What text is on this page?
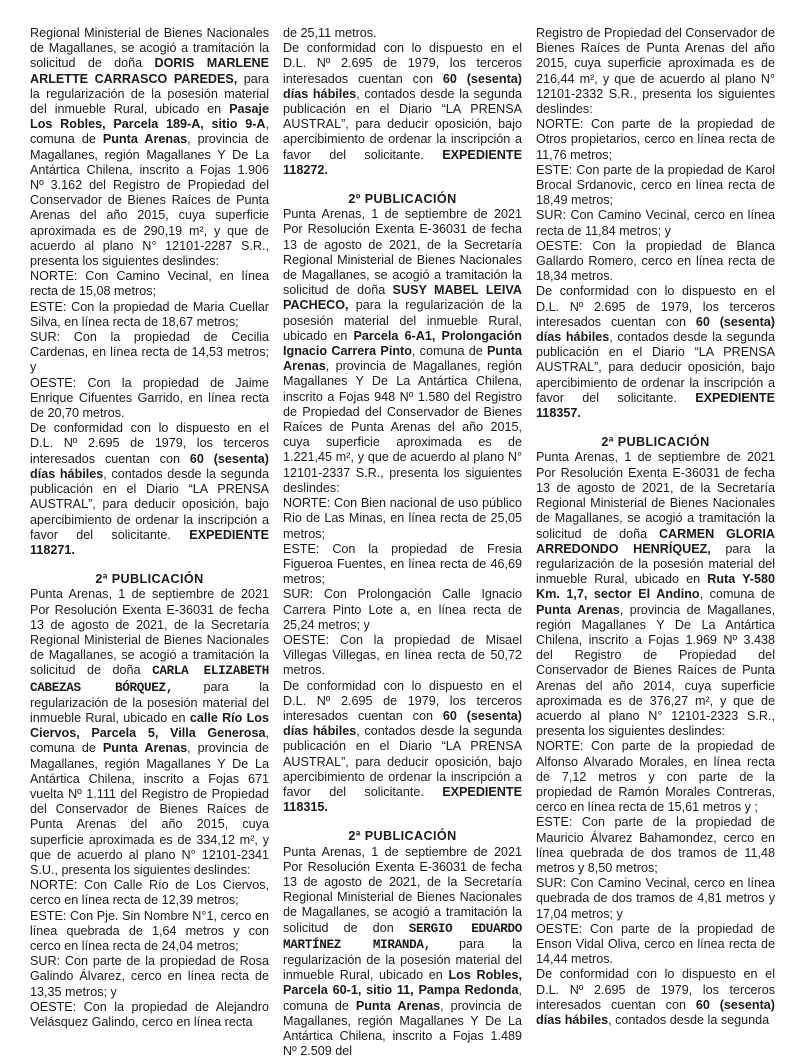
Regional Ministerial de Bienes Nacionales de Magallanes, se acogió a tramitación la solicitud de doña DORIS MARLENE ARLETTE CARRASCO PAREDES, para la regularización de la posesión material del inmueble Rural, ubicado en Pasaje Los Robles, Parcela 189-A, sitio 9-A, comuna de Punta Arenas, provincia de Magallanes, región Magallanes Y De La Antártica Chilena, inscrito a Fojas 1.906 Nº 3.162 del Registro de Propiedad del Conservador de Bienes Raíces de Punta Arenas del año 2015, cuya superficie aproximada es de 290,19 m², y que de acuerdo al plano N° 12101-2287 S.R., presenta los siguientes deslindes:

NORTE: Con Camino Vecinal, en línea recta de 15,08 metros;

ESTE: Con la propiedad de Maria Cuellar Silva, en línea recta de 18,67 metros;

SUR: Con la propiedad de Cecilia Cardenas, en línea recta de 14,53 metros; y

OESTE: Con la propiedad de Jaime Enrique Cifuentes Garrido, en línea recta de 20,70 metros.

De conformidad con lo dispuesto en el D.L. Nº 2.695 de 1979, los terceros interesados cuentan con 60 (sesenta) días hábiles, contados desde la segunda publicación en el Diario “LA PRENSA AUSTRAL”, para deducir oposición, bajo apercibimiento de ordenar la inscripción a favor del solicitante. EXPEDIENTE 118271.

2ª PUBLICACIÓN

Punta Arenas, 1 de septiembre de 2021 Por Resolución Exenta E-36031 de fecha 13 de agosto de 2021, de la Secretaría Regional Ministerial de Bienes Nacionales de Magallanes, se acogió a tramitación la solicitud de doña CARLA ELIZABETH CABEZAS BÓRQUEZ, para la regularización de la posesión material del inmueble Rural, ubicado en calle Río Los Ciervos, Parcela 5, Villa Generosa, comuna de Punta Arenas, provincia de Magallanes, región Magallanes Y De La Antártica Chilena, inscrito a Fojas 671 vuelta Nº 1.111 del Registro de Propiedad del Conservador de Bienes Raíces de Punta Arenas del año 2015, cuya superficie aproximada es de 334,12 m², y que de acuerdo al plano N° 12101-2341 S.U., presenta los siguientes deslindes:

NORTE: Con Calle Río de Los Ciervos, cerco en línea recta de 12,39 metros;

ESTE: Con Pje. Sin Nombre N°1, cerco en línea quebrada de 1,64 metros y con cerco en línea recta de 24,04 metros;

SUR: Con parte de la propiedad de Rosa Galindo Álvarez, cerco en línea recta de 13,35 metros; y

OESTE: Con la propiedad de Alejandro Velásquez Galindo, cerco en línea recta

de 25,11 metros.

De conformidad con lo dispuesto en el D.L. Nº 2.695 de 1979, los terceros interesados cuentan con 60 (sesenta) días hábiles, contados desde la segunda publicación en el Diario “LA PRENSA AUSTRAL”, para deducir oposición, bajo apercibimiento de ordenar la inscripción a favor del solicitante. EXPEDIENTE 118272.

2º PUBLICACIÓN

Punta Arenas, 1 de septiembre de 2021 Por Resolución Exenta E-36031 de fecha 13 de agosto de 2021, de la Secretaría Regional Ministerial de Bienes Nacionales de Magallanes, se acogió a tramitación la solicitud de doña SUSY MABEL LEIVA PACHECO, para la regularización de la posesión material del inmueble Rural, ubicado en Parcela 6-A1, Prolongación Ignacio Carrera Pinto, comuna de Punta Arenas, provincia de Magallanes, región Magallanes Y De La Antártica Chilena, inscrito a Fojas 948 Nº 1.580 del Registro de Propiedad del Conservador de Bienes Raíces de Punta Arenas del año 2015, cuya superficie aproximada es de 1.221,45 m², y que de acuerdo al plano N° 12101-2337 S.R., presenta los siguientes deslindes:

NORTE: Con Bien nacional de uso público Rio de Las Minas, en línea recta de 25,05 metros;

ESTE: Con la propiedad de Fresia Figueroa Fuentes, en línea recta de 46,69 metros;

SUR: Con Prolongación Calle Ignacio Carrera Pinto Lote a, en línea recta de 25,24 metros; y

OESTE: Con la propiedad de Misael Villegas Villegas, en línea recta de 50,72 metros.

De conformidad con lo dispuesto en el D.L. Nº 2.695 de 1979, los terceros interesados cuentan con 60 (sesenta) días hábiles, contados desde la segunda publicación en el Diario “LA PRENSA AUSTRAL”, para deducir oposición, bajo apercibimiento de ordenar la inscripción a favor del solicitante. EXPEDIENTE 118315.

2ª PUBLICACIÓN

Punta Arenas, 1 de septiembre de 2021 Por Resolución Exenta E-36031 de fecha 13 de agosto de 2021, de la Secretaría Regional Ministerial de Bienes Nacionales de Magallanes, se acogió a tramitación la solicitud de don SERGIO EDUARDO MARTÍNEZ MIRANDA, para la regularización de la posesión material del inmueble Rural, ubicado en Los Robles, Parcela 60-1, sitio 11, Pampa Redonda, comuna de Punta Arenas, provincia de Magallanes, región Magallanes Y De La Antártica Chilena, inscrito a Fojas 1.489 Nº 2.509 del

Registro de Propiedad del Conservador de Bienes Raíces de Punta Arenas del año 2015, cuya superficie aproximada es de 216,44 m², y que de acuerdo al plano N° 12101-2332 S.R., presenta los siguientes deslindes:

NORTE: Con parte de la propiedad de Otros propietarios, cerco en línea recta de 11,76 metros;

ESTE: Con parte de la propiedad de Karol Brocal Srdanovic, cerco en línea recta de 18,49 metros;

SUR: Con Camino Vecinal, cerco en línea recta de 11,84 metros; y

OESTE: Con la propiedad de Blanca Gallardo Romero, cerco en línea recta de 18,34 metros.

De conformidad con lo dispuesto en el D.L. Nº 2.695 de 1979, los terceros interesados cuentan con 60 (sesenta) días hábiles, contados desde la segunda publicación en el Diario “LA PRENSA AUSTRAL”, para deducir oposición, bajo apercibimiento de ordenar la inscripción a favor del solicitante. EXPEDIENTE 118357.

2ª PUBLICACIÓN

Punta Arenas, 1 de septiembre de 2021 Por Resolución Exenta E-36031 de fecha 13 de agosto de 2021, de la Secretaría Regional Ministerial de Bienes Nacionales de Magallanes, se acogió a tramitación la solicitud de doña CARMEN GLORIA ARREDONDO HENRÍQUEZ, para la regularización de la posesión material del inmueble Rural, ubicado en Ruta Y-580 Km. 1,7, sector El Andino, comuna de Punta Arenas, provincia de Magallanes, región Magallanes Y De La Antártica Chilena, inscrito a Fojas 1.969 Nº 3.438 del Registro de Propiedad del Conservador de Bienes Raíces de Punta Arenas del año 2014, cuya superficie aproximada es de 376,27 m², y que de acuerdo al plano N° 12101-2323 S.R., presenta los siguientes deslindes:

NORTE: Con parte de la propiedad de Alfonso Alvarado Morales, en línea recta de 7,12 metros y con parte de la propiedad de Ramón Morales Contreras, cerco en línea recta de 15,61 metros y ;

ESTE: Con parte de la propiedad de Mauricio Álvarez Bahamondez, cerco en línea quebrada de dos tramos de 11,48 metros y 8,50 metros;

SUR: Con Camino Vecinal, cerco en línea quebrada de dos tramos de 4,81 metros y 17,04 metros; y

OESTE: Con parte de la propiedad de Enson Vidal Oliva, cerco en línea recta de 14,44 metros.

De conformidad con lo dispuesto en el D.L. Nº 2.695 de 1979, los terceros interesados cuentan con 60 (sesenta) días hábiles, contados desde la segunda
